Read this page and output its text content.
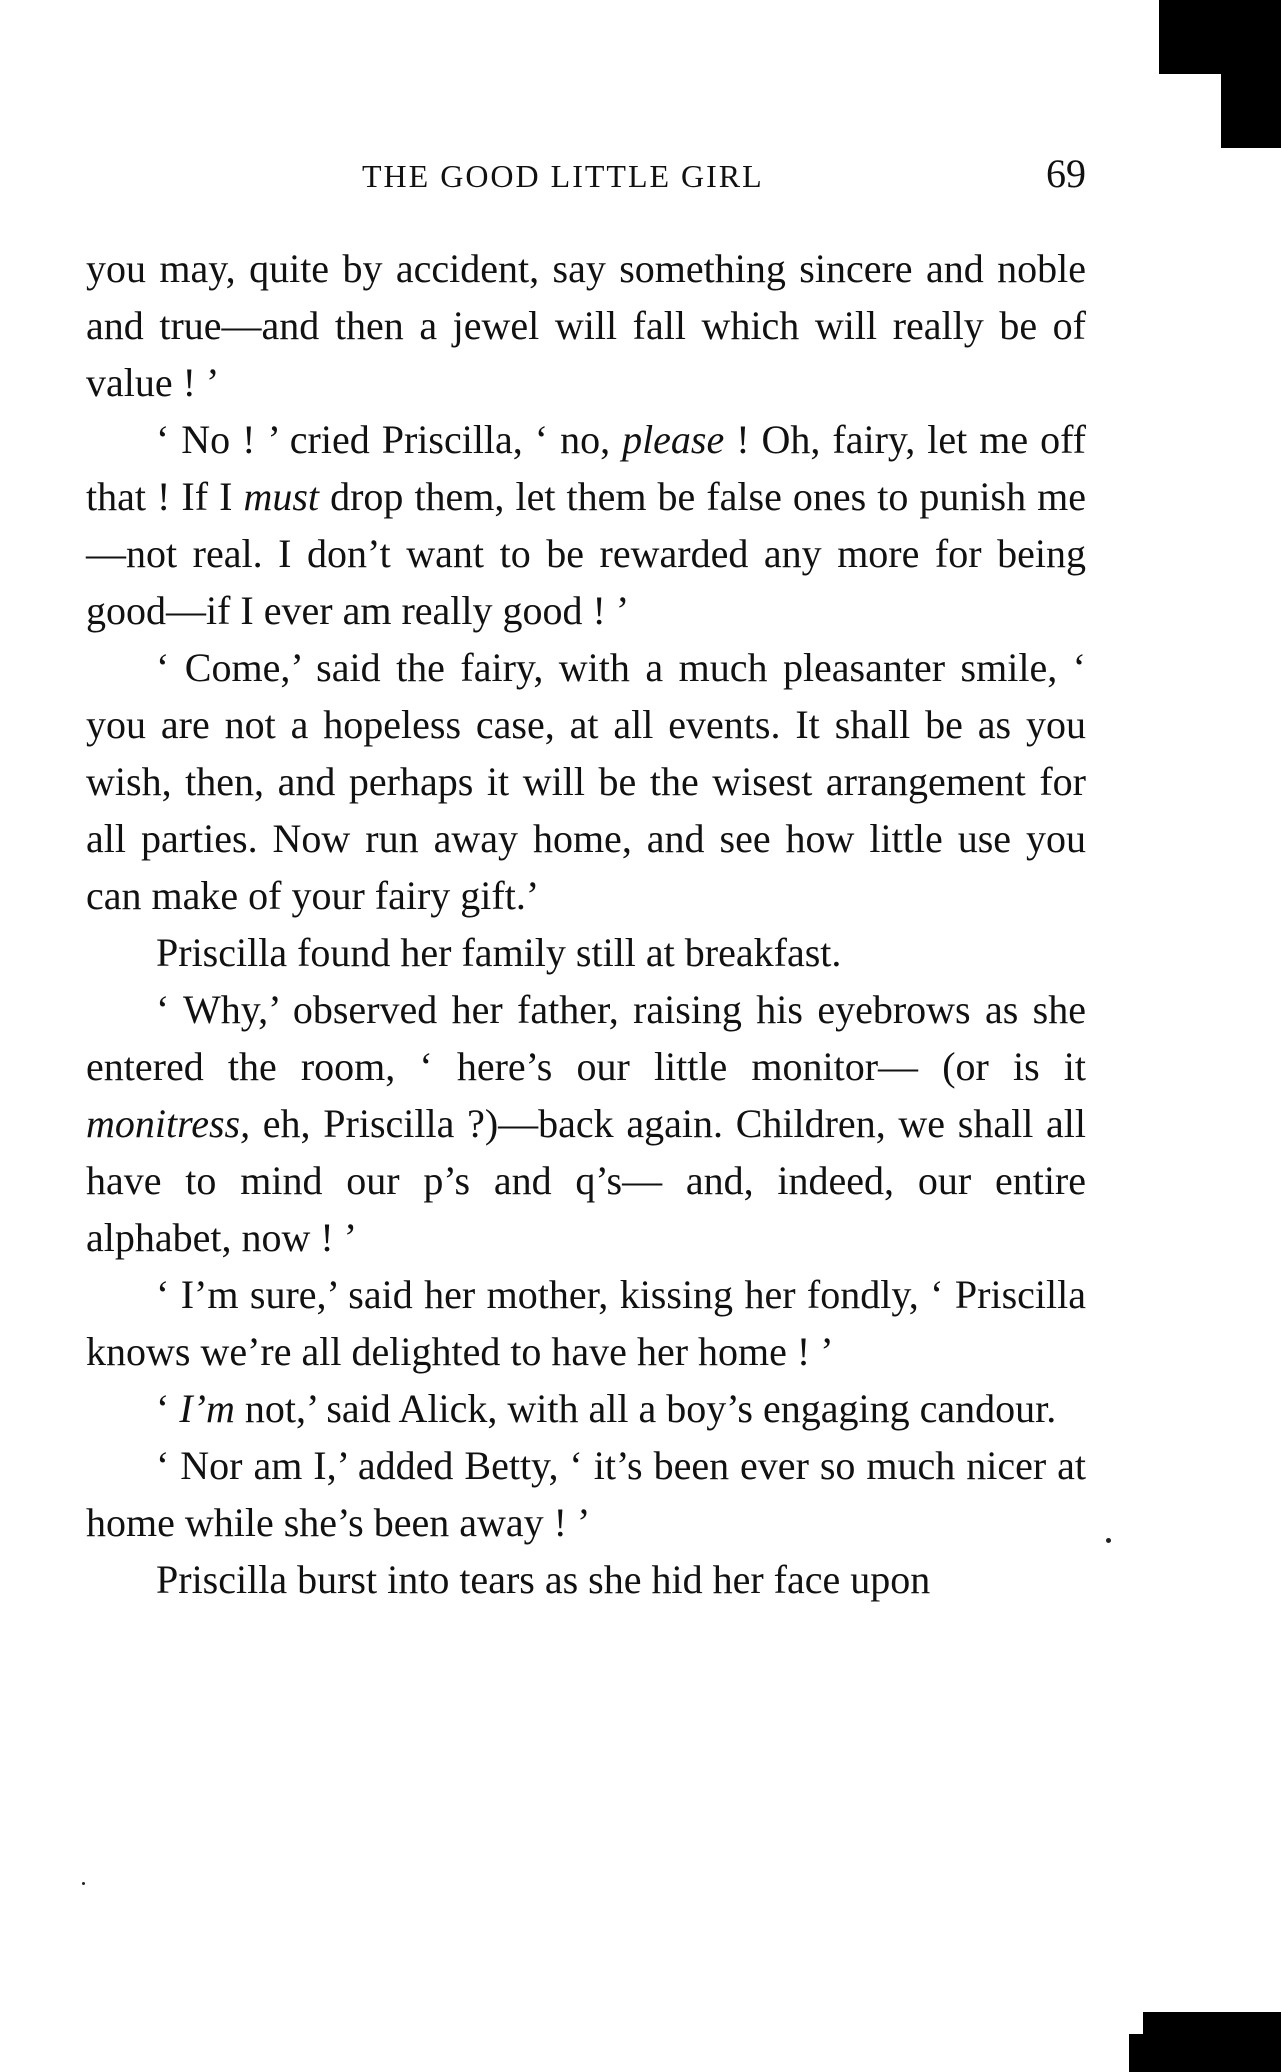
THE GOOD LITTLE GIRL	69

you may, quite by accident, say something sincere and noble and true—and then a jewel will fall which will really be of value ! ’

‘ No ! ’ cried Priscilla, ‘ no, please ! Oh, fairy, let me off that ! If I must drop them, let them be false ones to punish me—not real. I don’t want to be rewarded any more for being good—if I ever am really good ! ’

‘ Come,’ said the fairy, with a much pleasanter smile, ‘ you are not a hopeless case, at all events. It shall be as you wish, then, and perhaps it will be the wisest arrangement for all parties. Now run away home, and see how little use you can make of your fairy gift.’

Priscilla found her family still at breakfast.

‘ Why,’ observed her father, raising his eyebrows as she entered the room, ‘ here’s our little monitor— (or is it monitress, eh, Priscilla ?)—back again. Children, we shall all have to mind our p’s and q’s— and, indeed, our entire alphabet, now ! ’

‘ I’m sure,’ said her mother, kissing her fondly, ‘ Priscilla knows we’re all delighted to have her home ! ’

‘ I’m not,’ said Alick, with all a boy’s engaging candour.

‘ Nor am I,’ added Betty, ‘ it’s been ever so much nicer at home while she’s been away ! ’

Priscilla burst into tears as she hid her face upon
